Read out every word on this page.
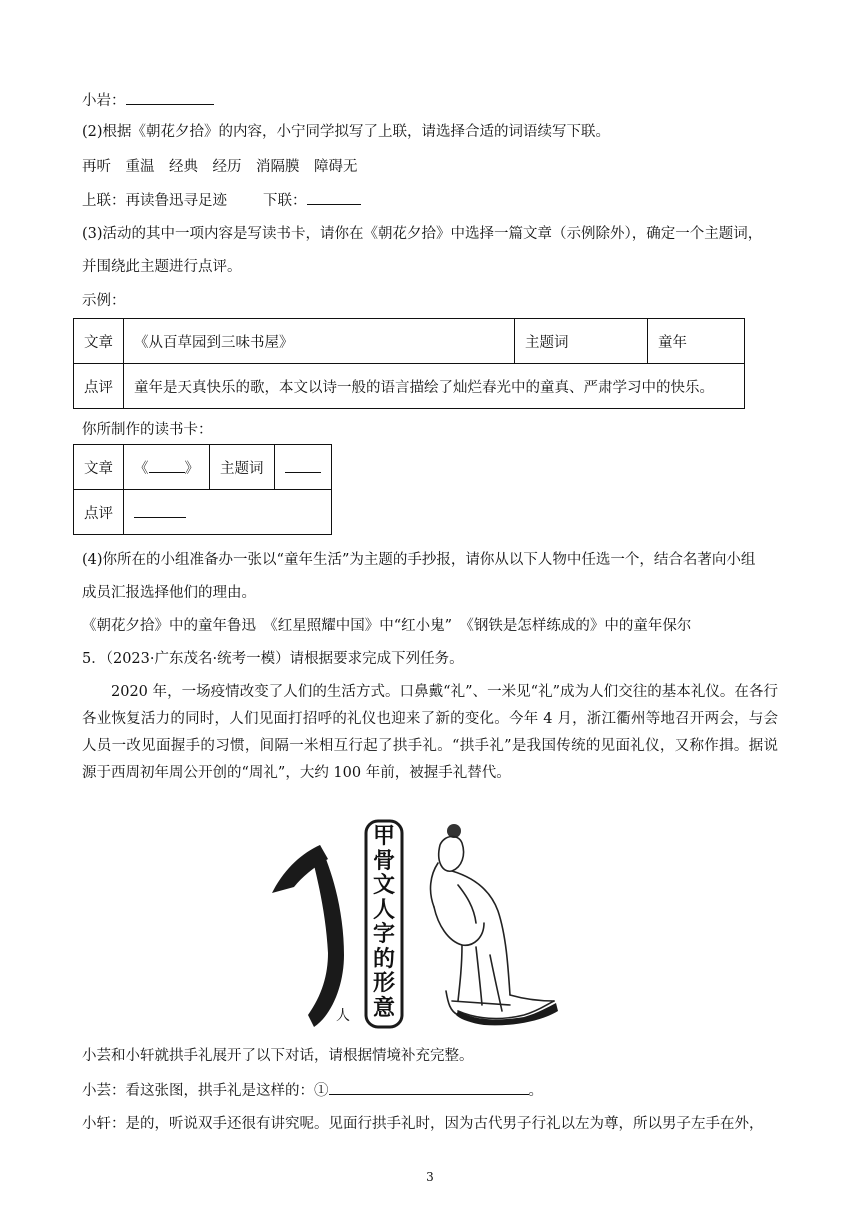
小岩：
(2)根据《朝花夕拾》的内容，小宁同学拟写了上联，请选择合适的词语续写下联。
再听　重温　经典　经历　消隔膜　障碍无
上联：再读鲁迅寻足迹 下联：
(3)活动的其中一项内容是写读书卡，请你在《朝花夕拾》中选择一篇文章（示例除外），确定一个主题词，
并围绕此主题进行点评。
示例：
文章	《从百草园到三味书屋》	主题词	童年
点评	童年是天真快乐的歌，本文以诗一般的语言描绘了灿烂春光中的童真、严肃学习中的快乐。		
你所制作的读书卡：
文章	《 》	主题词	
点评			
(4)你所在的小组准备办一张以“童年生活”为主题的手抄报，请你从以下人物中任选一个，结合名著向小组
成员汇报选择他们的理由。
《朝花夕拾》中的童年鲁迅　《红星照耀中国》中“红小鬼”　《钢铁是怎样练成的》中的童年保尔
5．（2023·广东茂名·统考一模）请根据要求完成下列任务。
2020 年，一场疫情改变了人们的生活方式。口鼻戴“礼”、一米见“礼”成为人们交往的基本礼仪。在各行各业恢复活力的同时，人们见面打招呼的礼仪也迎来了新的变化。今年 4 月，浙江衢州等地召开两会，与会人员一改见面握手的习惯，间隔一米相互行起了拱手礼。“拱手礼”是我国传统的见面礼仪，又称作揖。据说源于西周初年周公开创的“周礼”，大约 100 年前，被握手礼替代。
甲
骨
文
人
字
的
形
意
人
小芸和小轩就拱手礼展开了以下对话，请根据情境补充完整。
小芸：看这张图，拱手礼是这样的：①	。
小轩：是的，听说双手还很有讲究呢。见面行拱手礼时，因为古代男子行礼以左为尊，所以男子左手在外，
3
